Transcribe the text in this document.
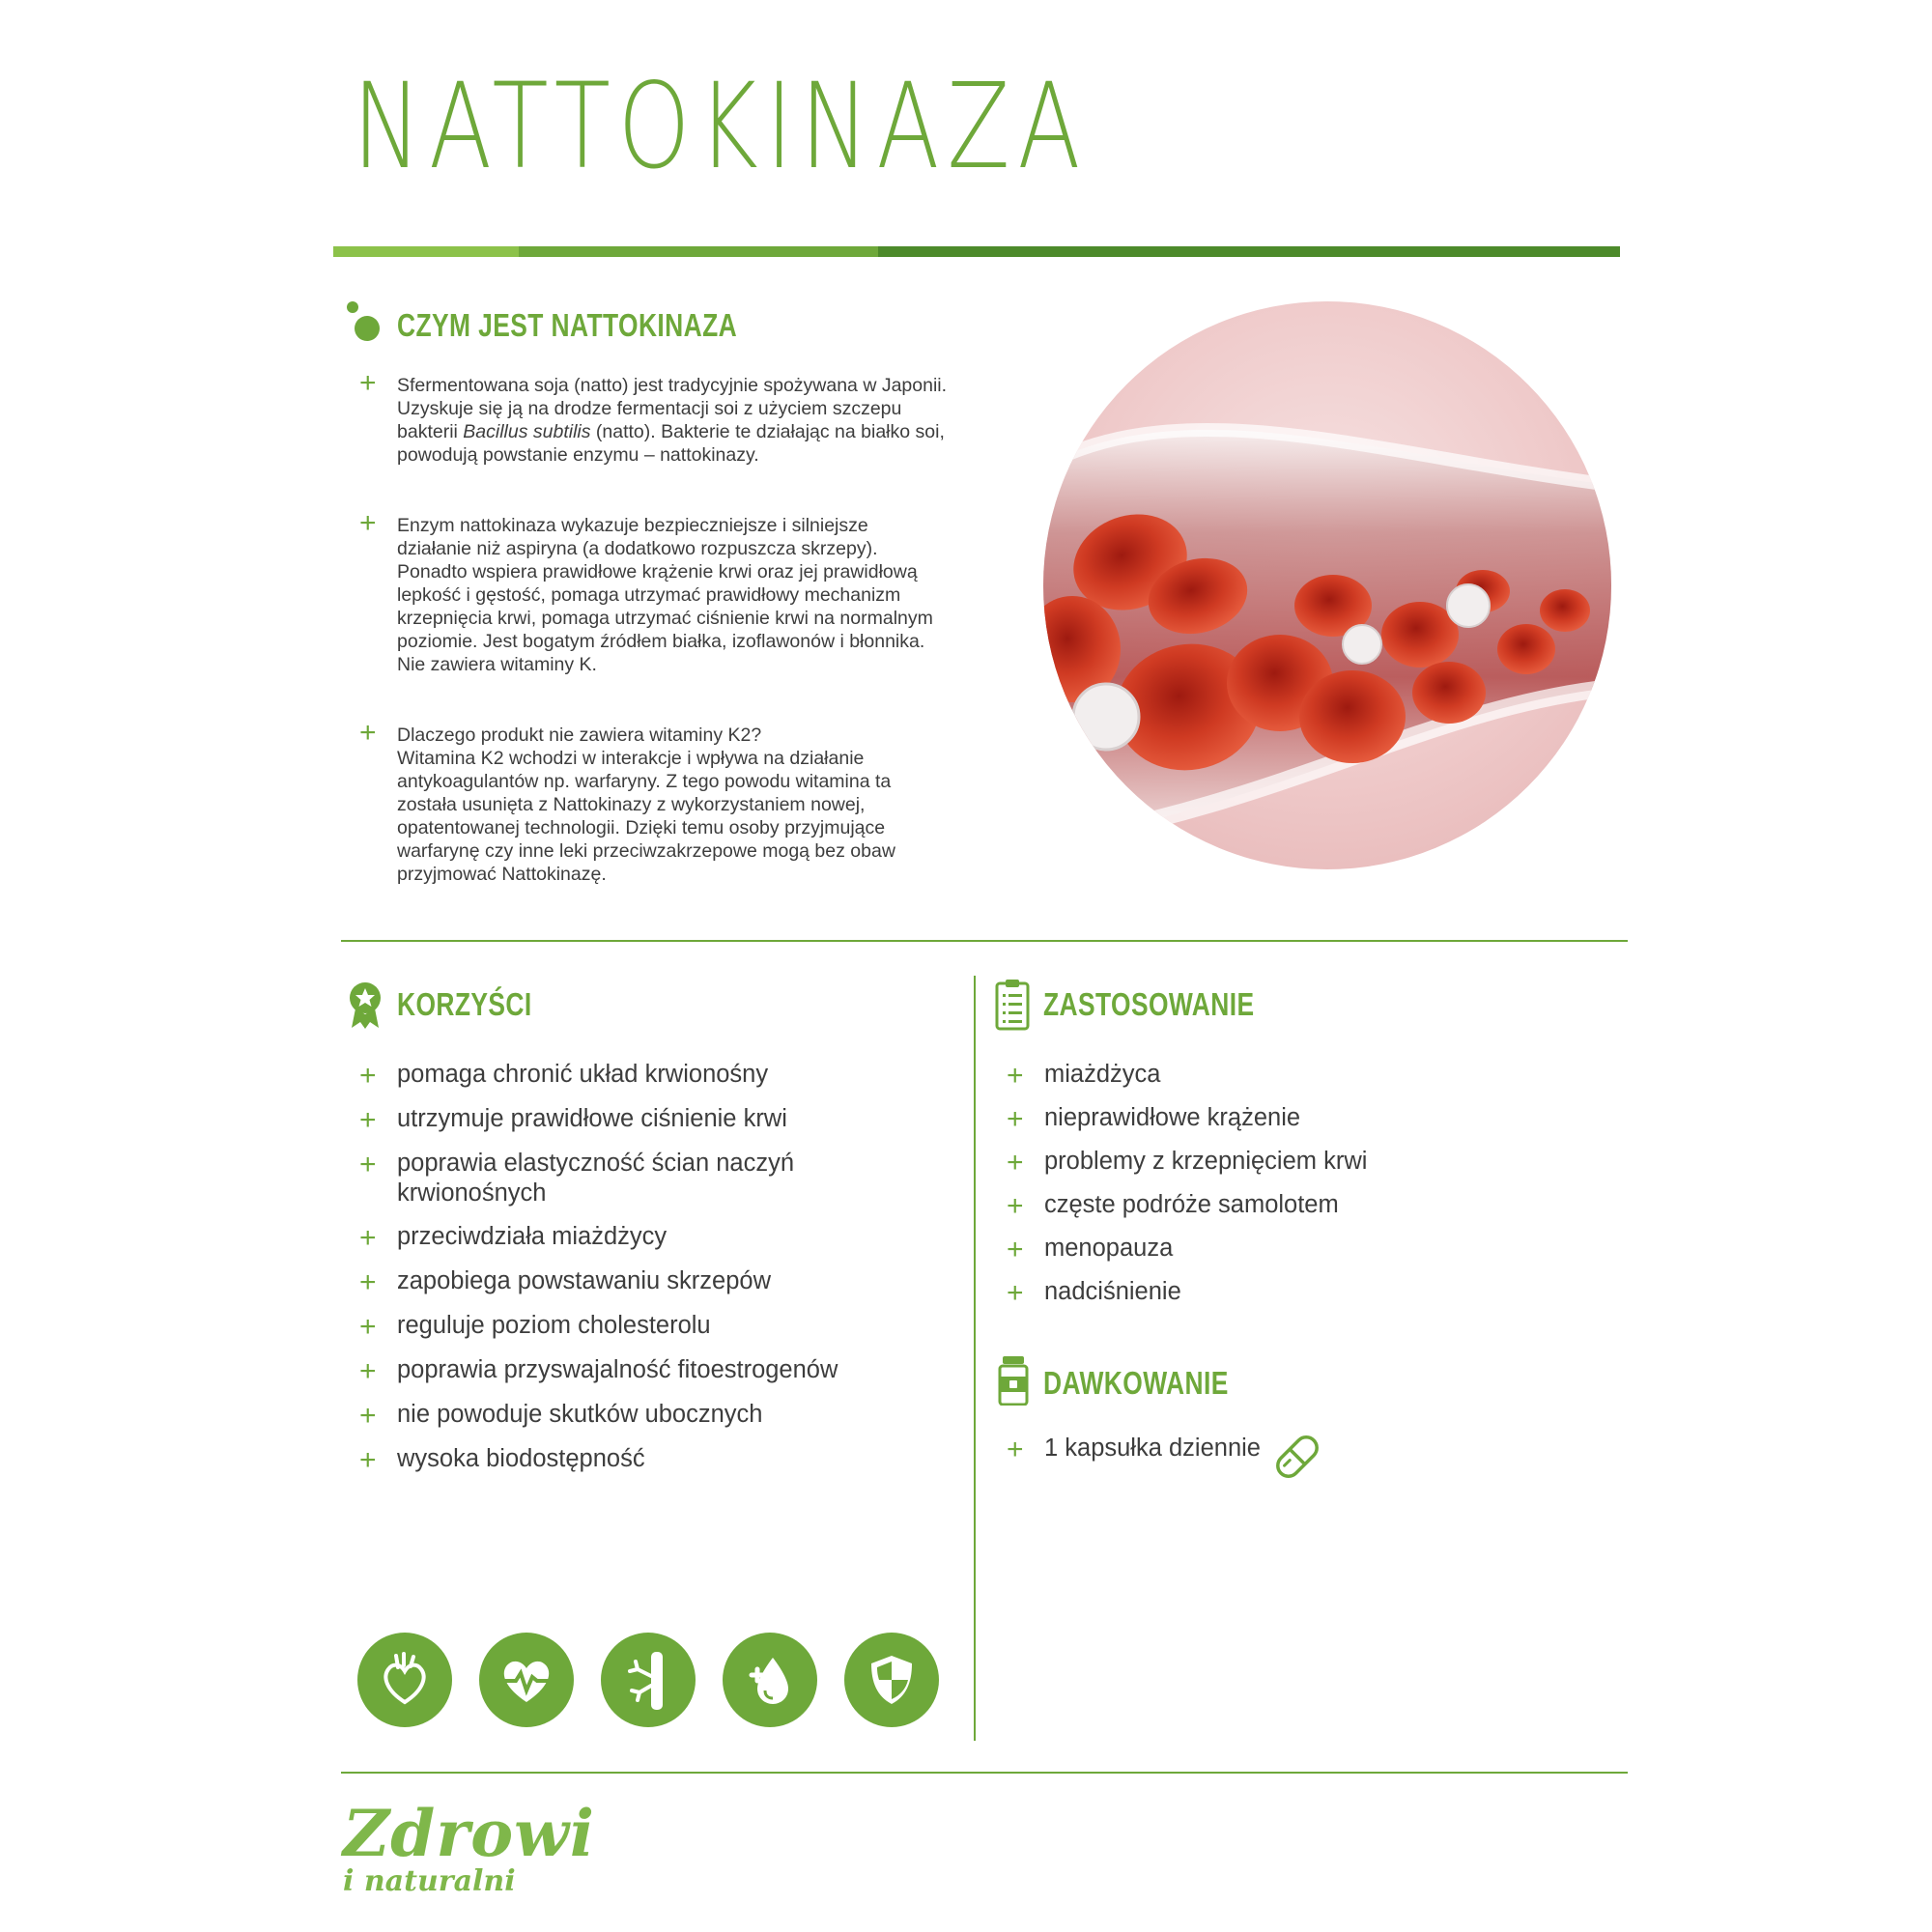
NATTOKINAZA
CZYM JEST NATTOKINAZA
+ Sfermentowana soja (natto) jest tradycyjnie spożywana w Japonii. Uzyskuje się ją na drodze fermentacji soi z użyciem szczepu bakterii Bacillus subtilis (natto). Bakterie te działając na białko soi, powodują powstanie enzymu – nattokinazy.
+ Enzym nattokinaza wykazuje bezpieczniejsze i silniejsze działanie niż aspiryna (a dodatkowo rozpuszcza skrzepy). Ponadto wspiera prawidłowe krążenie krwi oraz jej prawidłową lepkość i gęstość, pomaga utrzymać prawidłowy mechanizm krzepnięcia krwi, pomaga utrzymać ciśnienie krwi na normalnym poziomie. Jest bogatym źródłem białka, izoflawonów i błonnika. Nie zawiera witaminy K.
+ Dlaczego produkt nie zawiera witaminy K2?
Witamina K2 wchodzi w interakcje i wpływa na działanie antykoagulantów np. warfaryny. Z tego powodu witamina ta została usunięta z Nattokinazy z wykorzystaniem nowej, opatentowanej technologii. Dzięki temu osoby przyjmujące warfarynę czy inne leki przeciwzakrzepowe mogą bez obaw przyjmować Nattokinazę.
KORZYŚCI
+ pomaga chronić układ krwionośny
+ utrzymuje prawidłowe ciśnienie krwi
+ poprawia elastyczność ścian naczyń krwionośnych
+ przeciwdziała miażdżycy
+ zapobiega powstawaniu skrzepów
+ reguluje poziom cholesterolu
+ poprawia przyswajalność fitoestrogenów
+ nie powoduje skutków ubocznych
+ wysoka biodostępność
ZASTOSOWANIE
+ miażdżyca
+ nieprawidłowe krążenie
+ problemy z krzepnięciem krwi
+ częste podróże samolotem
+ menopauza
+ nadciśnienie
DAWKOWANIE
+ 1 kapsułka dziennie
Zdrowi
i naturalni
